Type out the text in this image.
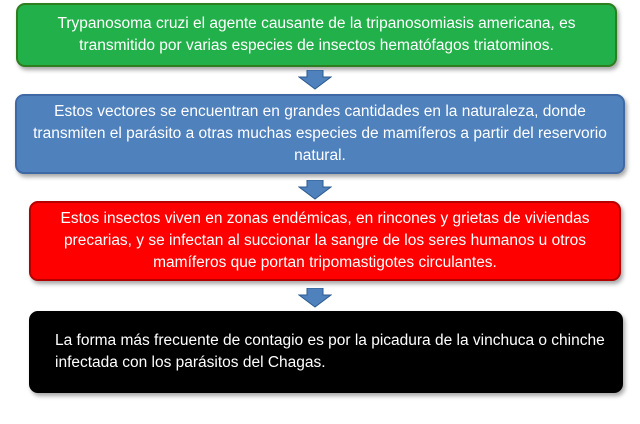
Trypanosoma cruzi el agente causante de la tripanosomiasis americana, es transmitido por varias especies de insectos hematófagos triatominos.
Estos vectores se encuentran en grandes cantidades en la naturaleza, donde transmiten el parásito a otras muchas especies de mamíferos a partir del reservorio natural.
Estos insectos viven en zonas endémicas, en rincones y grietas de viviendas precarias, y se infectan al succionar la sangre de los seres humanos u otros mamíferos que portan tripomastigotes circulantes.
La forma más frecuente de contagio es por la picadura de la vinchuca o chinche infectada con los parásitos del Chagas.
